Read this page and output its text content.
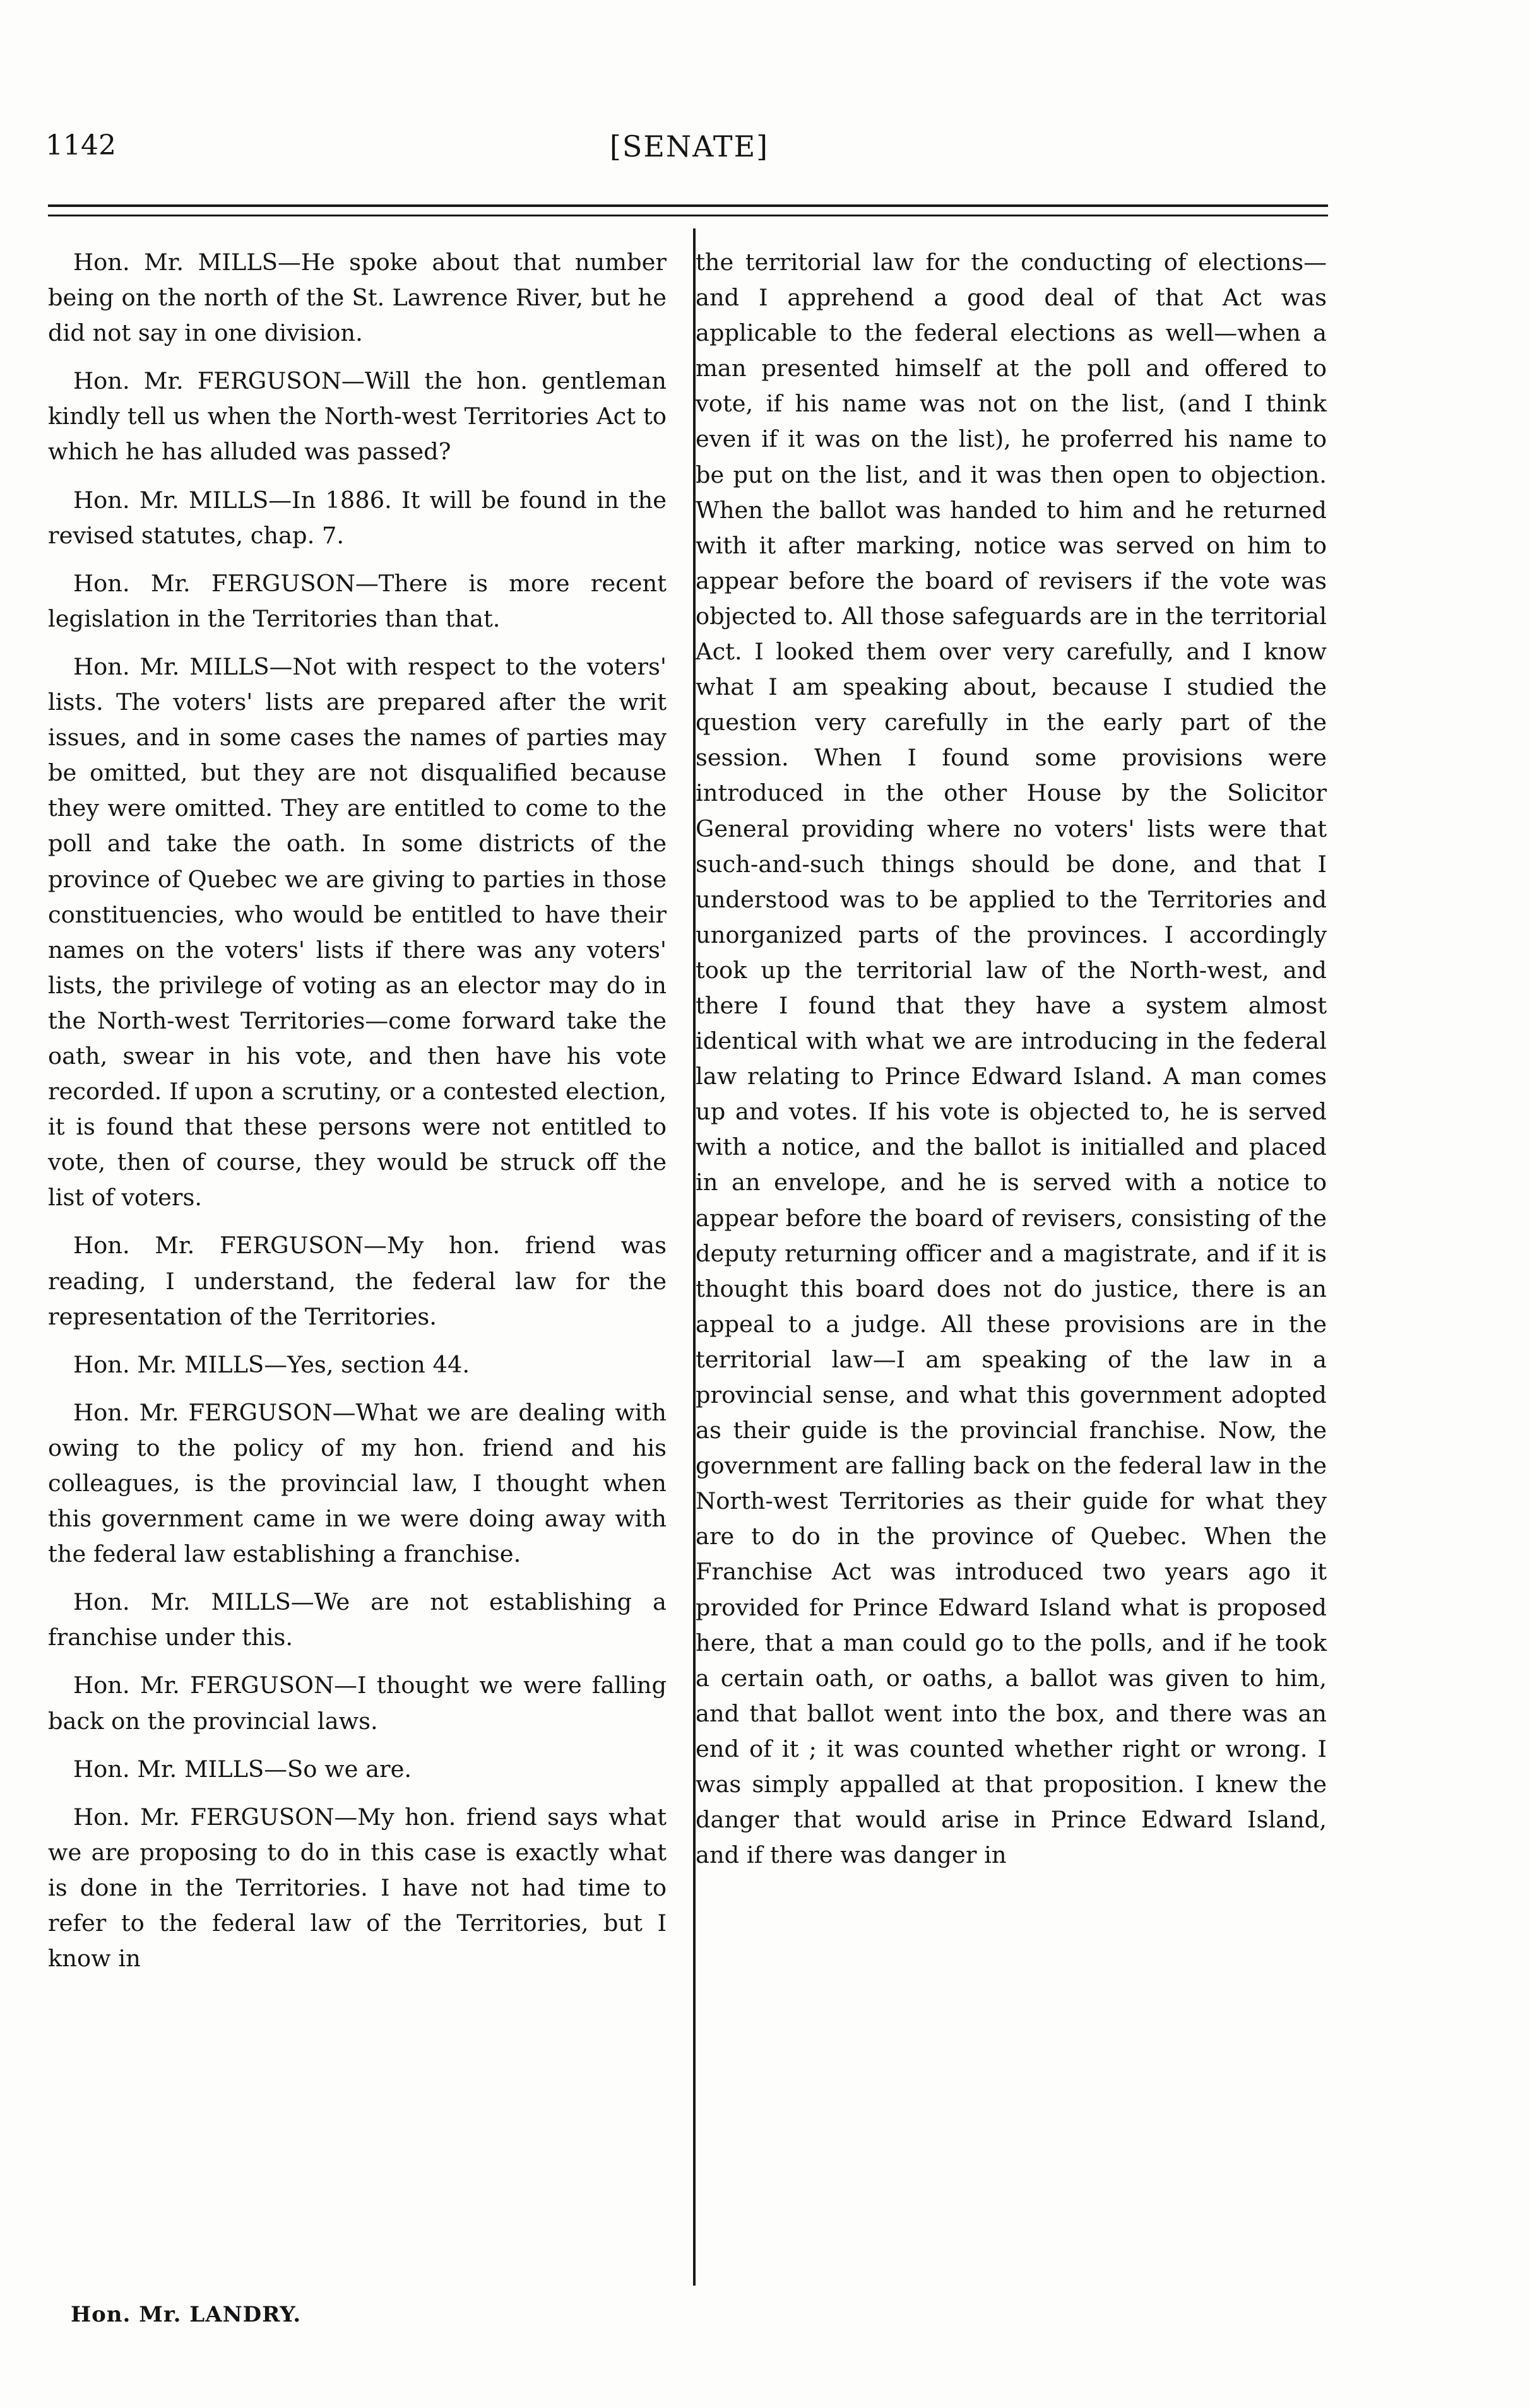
1142	[SENATE]

Hon. Mr. MILLS—He spoke about that number being on the north of the St. Lawrence River, but he did not say in one division.

Hon. Mr. FERGUSON—Will the hon. gentleman kindly tell us when the North-west Territories Act to which he has alluded was passed?

Hon. Mr. MILLS—In 1886. It will be found in the revised statutes, chap. 7.

Hon. Mr. FERGUSON—There is more recent legislation in the Territories than that.

Hon. Mr. MILLS—Not with respect to the voters' lists. The voters' lists are prepared after the writ issues, and in some cases the names of parties may be omitted, but they are not disqualified because they were omitted. They are entitled to come to the poll and take the oath. In some districts of the province of Quebec we are giving to parties in those constituencies, who would be entitled to have their names on the voters' lists if there was any voters' lists, the privilege of voting as an elector may do in the North-west Territories—come forward take the oath, swear in his vote, and then have his vote recorded. If upon a scrutiny, or a contested election, it is found that these persons were not entitled to vote, then of course, they would be struck off the list of voters.

Hon. Mr. FERGUSON—My hon. friend was reading, I understand, the federal law for the representation of the Territories.

Hon. Mr. MILLS—Yes, section 44.

Hon. Mr. FERGUSON—What we are dealing with owing to the policy of my hon. friend and his colleagues, is the provincial law, I thought when this government came in we were doing away with the federal law establishing a franchise.

Hon. Mr. MILLS—We are not establishing a franchise under this.

Hon. Mr. FERGUSON—I thought we were falling back on the provincial laws.

Hon. Mr. MILLS—So we are.

Hon. Mr. FERGUSON—My hon. friend says what we are proposing to do in this case is exactly what is done in the Territories. I have not had time to refer to the federal law of the Territories, but I know in

the territorial law for the conducting of elections—and I apprehend a good deal of that Act was applicable to the federal elections as well—when a man presented himself at the poll and offered to vote, if his name was not on the list, (and I think even if it was on the list), he proferred his name to be put on the list, and it was then open to objection. When the ballot was handed to him and he returned with it after marking, notice was served on him to appear before the board of revisers if the vote was objected to. All those safeguards are in the territorial Act. I looked them over very carefully, and I know what I am speaking about, because I studied the question very carefully in the early part of the session. When I found some provisions were introduced in the other House by the Solicitor General providing where no voters' lists were that such-and-such things should be done, and that I understood was to be applied to the Territories and unorganized parts of the provinces. I accordingly took up the territorial law of the North-west, and there I found that they have a system almost identical with what we are introducing in the federal law relating to Prince Edward Island. A man comes up and votes. If his vote is objected to, he is served with a notice, and the ballot is initialled and placed in an envelope, and he is served with a notice to appear before the board of revisers, consisting of the deputy returning officer and a magistrate, and if it is thought this board does not do justice, there is an appeal to a judge. All these provisions are in the territorial law—I am speaking of the law in a provincial sense, and what this government adopted as their guide is the provincial franchise. Now, the government are falling back on the federal law in the North-west Territories as their guide for what they are to do in the province of Quebec. When the Franchise Act was introduced two years ago it provided for Prince Edward Island what is proposed here, that a man could go to the polls, and if he took a certain oath, or oaths, a ballot was given to him, and that ballot went into the box, and there was an end of it ; it was counted whether right or wrong. I was simply appalled at that proposition. I knew the danger that would arise in Prince Edward Island, and if there was danger in

Hon. Mr. LANDRY.
